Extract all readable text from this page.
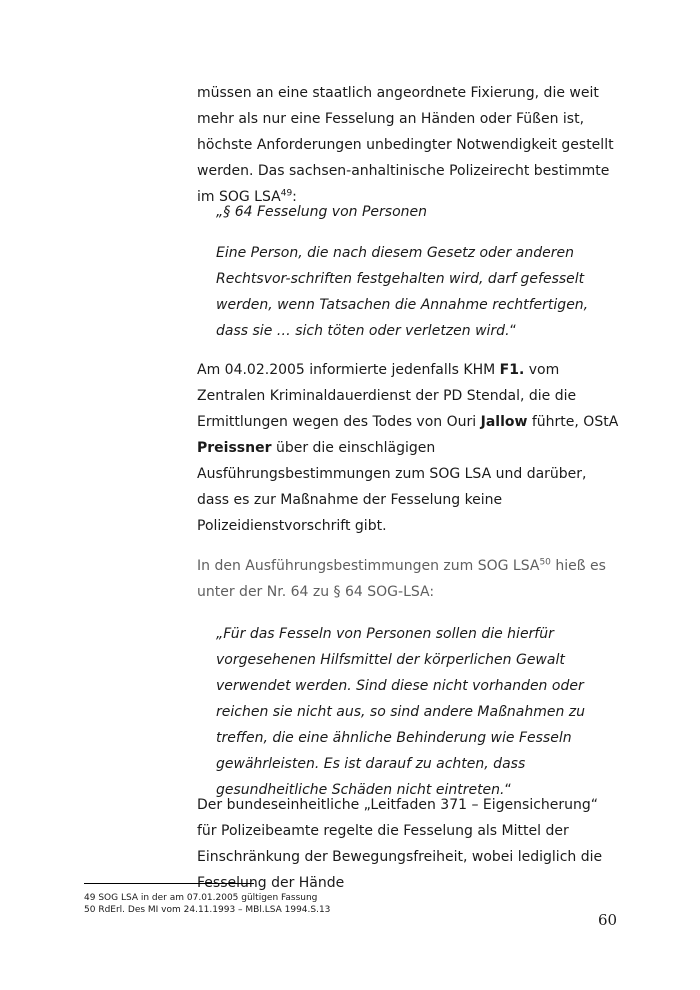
müssen an eine staatlich angeordnete Fixierung, die weit mehr als nur eine Fesselung an Händen oder Füßen ist, höchste Anforderungen unbedingter Notwendigkeit gestellt werden. Das sachsen-anhaltinische Polizeirecht bestimmte im SOG LSA$^{49}$:

„§ 64 Fesselung von Personen

Eine Person, die nach diesem Gesetz oder anderen Rechtsvor-schriften festgehalten wird, darf gefesselt werden, wenn Tatsachen die Annahme rechtfertigen, dass sie … sich töten oder verletzen wird.“

Am 04.02.2005 informierte jedenfalls KHM F1. vom Zentralen Kriminaldauerdienst der PD Stendal, die die Ermittlungen wegen des Todes von Ouri Jallow führte, OStA Preissner über die einschlägigen Ausführungsbestimmungen zum SOG LSA und darüber, dass es zur Maßnahme der Fesselung keine Polizeidienstvorschrift gibt.

In den Ausführungsbestimmungen zum SOG LSA$^{50}$ hieß es unter der Nr. 64 zu § 64 SOG-LSA:

„Für das Fesseln von Personen sollen die hierfür vorgesehenen Hilfsmittel der körperlichen Gewalt verwendet werden. Sind diese nicht vorhanden oder reichen sie nicht aus, so sind andere Maßnahmen zu treffen, die eine ähnliche Behinderung wie Fesseln gewährleisten. Es ist darauf zu achten, dass gesundheitliche Schäden nicht eintreten.“

Der bundeseinheitliche „Leitfaden 371 – Eigensicherung“ für Polizeibeamte regelte die Fesselung als Mittel der Einschränkung der Bewegungsfreiheit, wobei lediglich die Fesselung der Hände

49 SOG LSA in der am 07.01.2005 gültigen Fassung

50 RdErl. Des MI vom 24.11.1993 – MBl.LSA 1994.S.13

60
